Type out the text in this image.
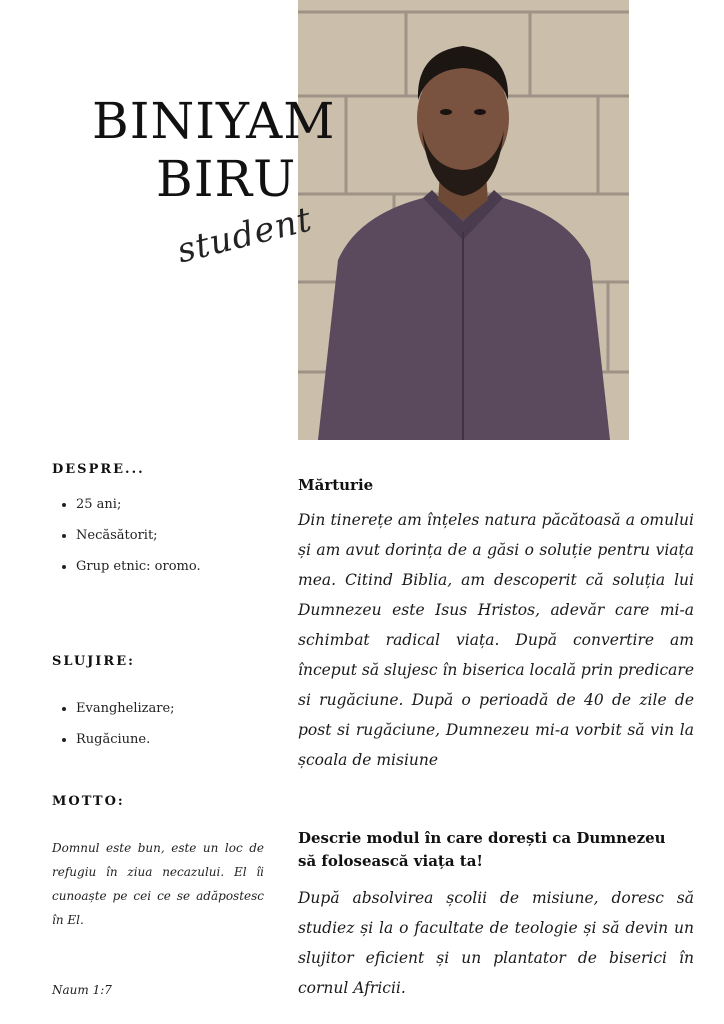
BINIYAM
BIRU
student
DESPRE...
• 25 ani;
• Necăsătorit;
• Grup etnic: oromo.
SLUJIRE:
• Evanghelizare;
• Rugăciune.
MOTTO:

Domnul este bun, este un loc de refugiu în ziua necazului. El îi cunoaște pe cei ce se adăpostesc în El.

Naum 1:7
Mărturie

Din tinerețe am înțeles natura păcătoasă a omului și am avut dorința de a găsi o soluție pentru viața mea. Citind Biblia, am descoperit că soluția lui Dumnezeu este Isus Hristos, adevăr care mi-a schimbat radical viața. După convertire am început să slujesc în biserica locală prin predicare si rugăciune. După o perioadă de 40 de zile de post si rugăciune, Dumnezeu mi-a vorbit să vin la școala de misiune

Descrie modul în care dorești ca Dumnezeu
să folosească viața ta!

După absolvirea școlii de misiune, doresc să studiez și la o facultate de teologie și să devin un slujitor eficient și un plantator de biserici în cornul Africii.
